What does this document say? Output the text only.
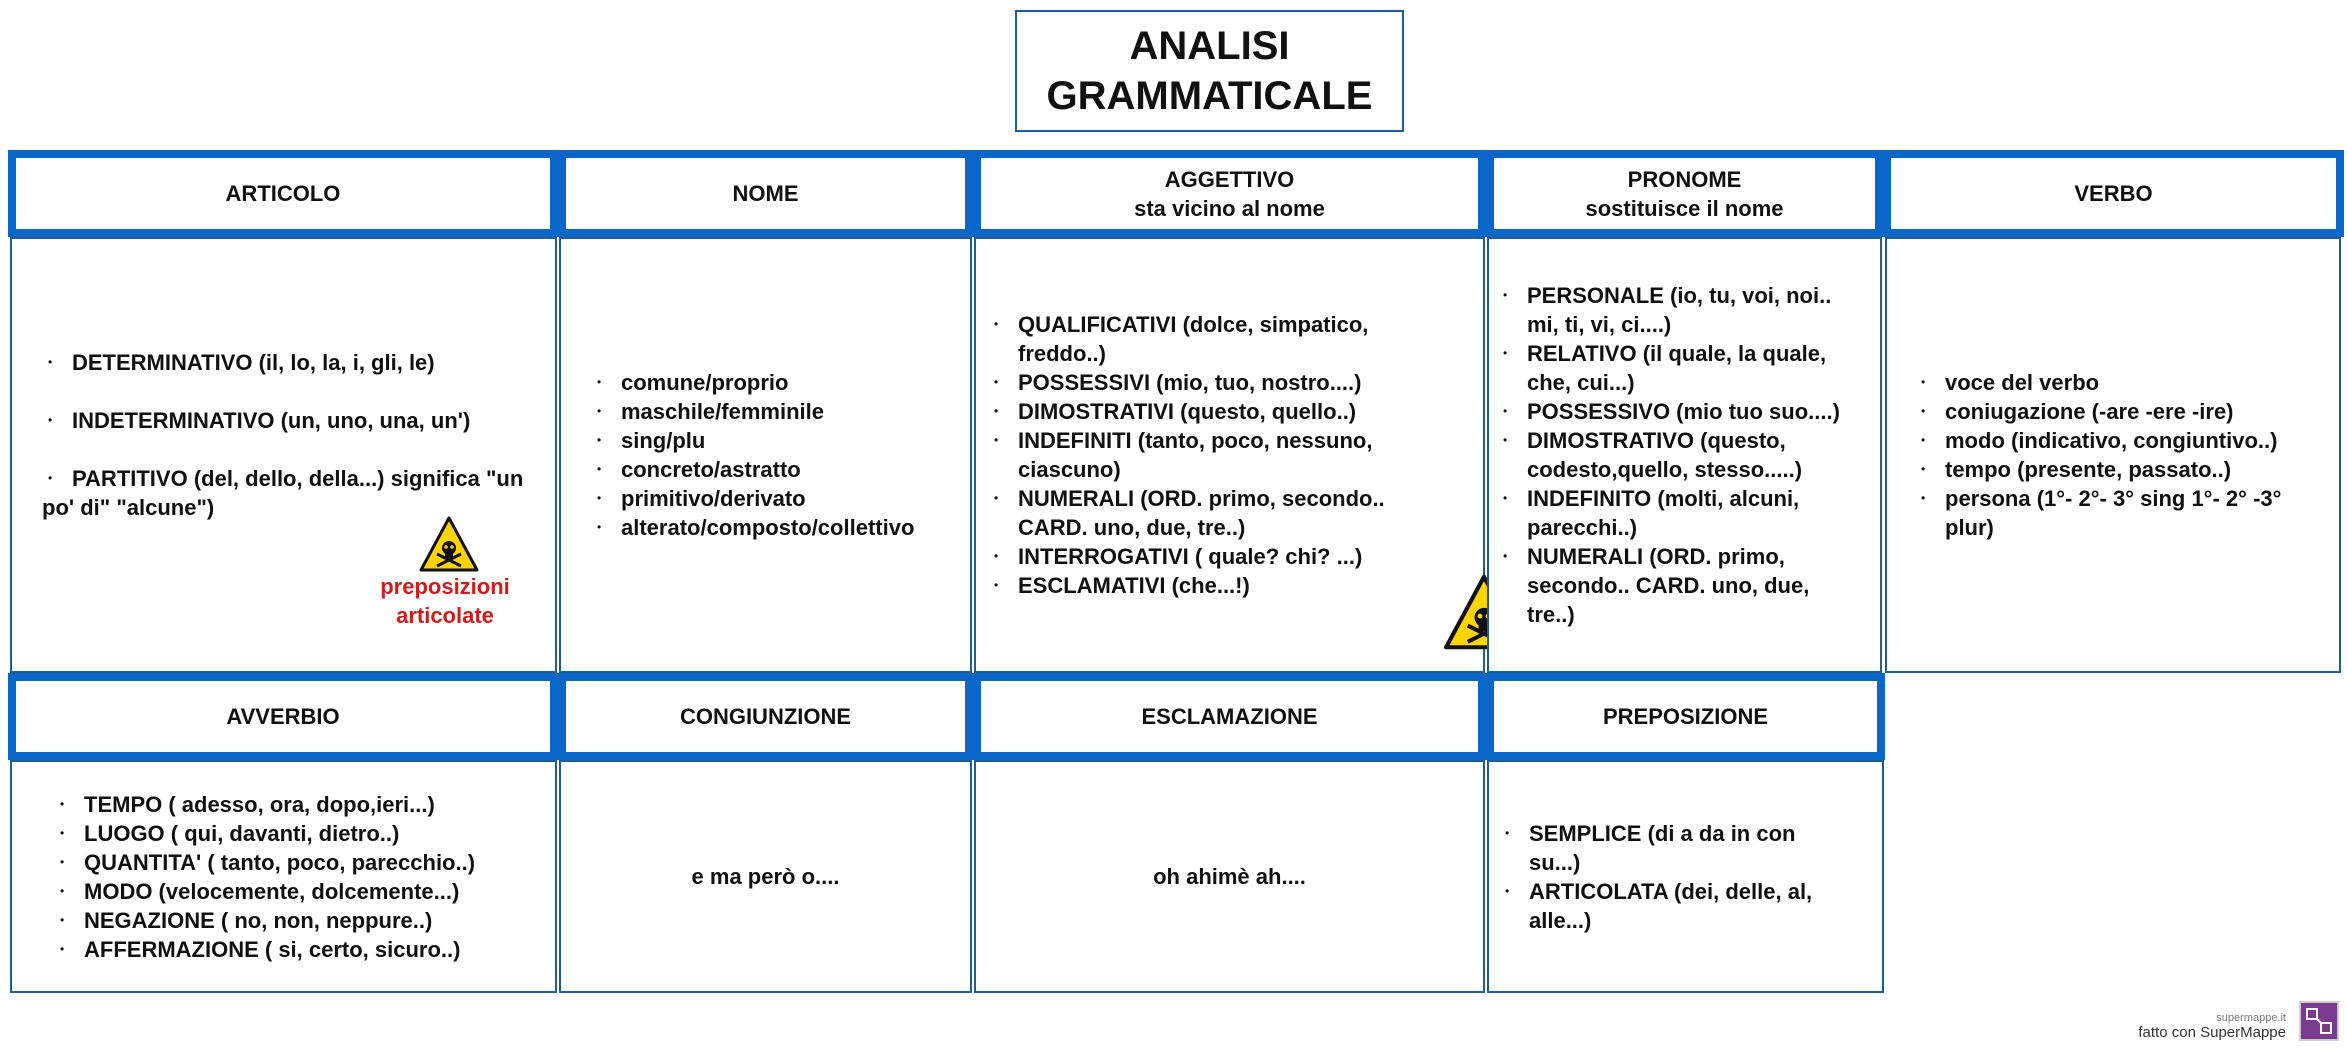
ANALISI
GRAMMATICALE
ARTICOLO	NOME
AGGETTIVO
sta vicino al nome
PRONOME
sostituisce il nome
VERBO
• DETERMINATIVO (il, lo, la, i, gli, le)
• INDETERMINATIVO (un, uno, una, un')
• PARTITIVO (del, dello, della...) significa "un po' di" "alcune")
preposizioni
articolate
• comune/proprio
• maschile/femminile
• sing/plu
• concreto/astratto
• primitivo/derivato
• alterato/composto/collettivo
• QUALIFICATIVI (dolce, simpatico, freddo..)
• POSSESSIVI (mio, tuo, nostro....)
• DIMOSTRATIVI (questo, quello..)
• INDEFINITI (tanto, poco, nessuno, ciascuno)
• NUMERALI (ORD. primo, secondo.. CARD. uno, due, tre..)
• INTERROGATIVI ( quale? chi? ...)
• ESCLAMATIVI (che...!)
• PERSONALE (io, tu, voi, noi.. mi, ti, vi, ci....)
• RELATIVO (il quale, la quale, che, cui...)
• POSSESSIVO (mio tuo suo....)
• DIMOSTRATIVO (questo, codesto,quello, stesso.....)
• INDEFINITO (molti, alcuni, parecchi..)
• NUMERALI (ORD. primo, secondo.. CARD. uno, due, tre..)
• voce del verbo
• coniugazione (-are -ere -ire)
• modo (indicativo, congiuntivo..)
• tempo (presente, passato..)
• persona (1°- 2°- 3° sing 1°- 2° -3° plur)
AVVERBIO	CONGIUNZIONE	ESCLAMAZIONE	PREPOSIZIONE
• TEMPO ( adesso, ora, dopo,ieri...)
• LUOGO ( qui, davanti, dietro..)
• QUANTITA' ( tanto, poco, parecchio..)
• MODO (velocemente, dolcemente...)
• NEGAZIONE ( no, non, neppure..)
• AFFERMAZIONE ( si, certo, sicuro..)
e ma però o....	oh ahimè ah....
• SEMPLICE (di a da in con su...)
• ARTICOLATA (dei, delle, al, alle...)
supermappe.it
fatto con SuperMappe
